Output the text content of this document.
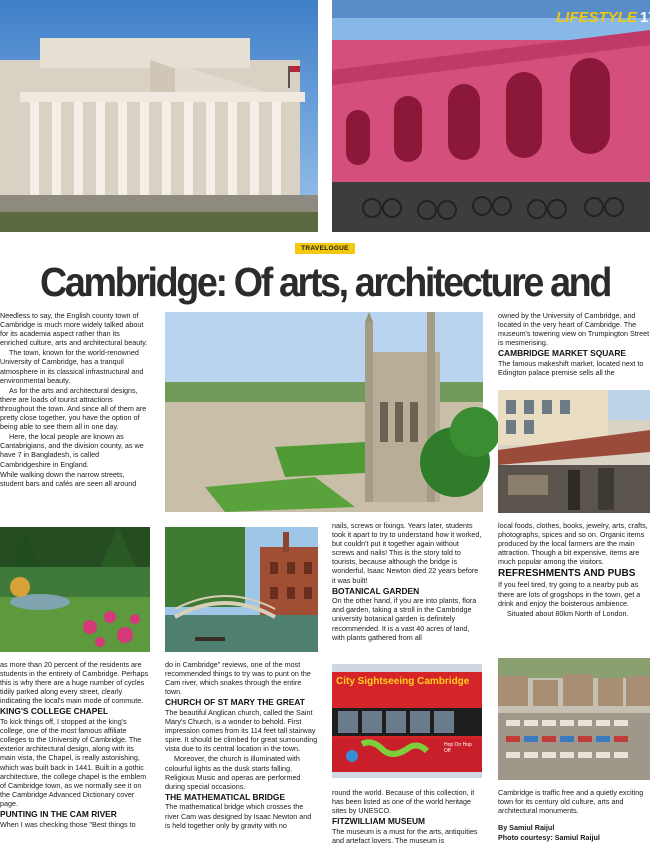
LIFESTYLE 17
TRAVELOGUE
Cambridge: Of arts, architecture and

Needless to say, the English county town of Cambridge is much more widely talked about for its academia aspect rather than its enriched culture, arts and architectural beauty.

The town, known for the world-renowned University of Cambridge, has a tranquil atmosphere in its classical infrastructural and environmental beauty.

As for the arts and architectural designs, there are loads of tourist attractions throughout the town. And since all of them are pretty close together, you have the option of being able to see them all in one day.

Here, the local people are known as Cantabrigians, and the division county, as we have 7 in Bangladesh, is called Cambridgeshire in England.

While walking down the narrow streets, student bars and cafés are seen all around

owned by the University of Cambridge, and located in the very heart of Cambridge. The museum's towering view on Trumpington Street is mesmerising.

CAMBRIDGE MARKET SQUARE

The famous makeshift market, located next to Edington palace premise sells all the

nails, screws or fixings. Years later, students took it apart to try to understand how it worked, but couldn't put it together again without screws and nails! This is the story told to tourists, because although the bridge is wonderful, Isaac Newton died 22 years before it was built!

BOTANICAL GARDEN

On the other hand, if you are into plants, flora and garden, taking a stroll in the Cambridge university botanical garden is definitely recommended. It is a vast 40 acres of land, with plants gathered from all

local foods, clothes, books, jewelry, arts, crafts, photographs, spices and so on. Organic items produced by the local farmers are the main attraction. Though a bit expensive, items are much popular among the visitors.

REFRESHMENTS AND PUBS

If you feel tired, try going to a nearby pub as there are lots of grogshops in the town, get a drink and enjoy the boisterous ambience.

Situated about 80km North of London.

City Sightseeing Cambridge
Hop On Hop Off

as more than 20 percent of the residents are students in the entirety of Cambridge. Perhaps this is why there are a huge number of cycles tidily parked along every street, clearly indicating the local's main mode of commute.

KING'S COLLEGE CHAPEL

To kick things off, I stopped at the king's college, one of the most famous affiliate colleges to the University of Cambridge. The exterior architectural design, along with its main vista, the Chapel, is really astonishing, which was built back in 1441. Built in a gothic architecture, the college chapel is the emblem of Cambridge town, as we normally see it on the Cambridge Advanced Dictionary cover page.

PUNTING IN THE CAM RIVER

When I was checking those "Best things to

do in Cambridge" reviews, one of the most recommended things to try was to punt on the Cam river, which snakes through the entire town.

CHURCH OF ST MARY THE GREAT

The beautiful Anglican church, called the Saint Mary's Church, is a wonder to behold. First impression comes from its 114 feet tall stairway spire. It should be climbed for great surrounding vista due to its central location in the town.

Moreover, the church is illuminated with colourful lights as the dusk starts falling. Religious Music and operas are performed during special occasions.

THE MATHEMATICAL BRIDGE

The mathematical bridge which crosses the river Cam was designed by Isaac Newton and is held together only by gravity with no

round the world. Because of this collection, it has been listed as one of the world heritage sites by UNESCO.

FITZWILLIAM MUSEUM

The museum is a must for the arts, antiquities and artefact lovers. The museum is

Cambridge is traffic free and a quietly exciting town for its century old culture, arts and architectural monuments.

By Samiul Raijul

Photo courtesy: Samiul Raijul
